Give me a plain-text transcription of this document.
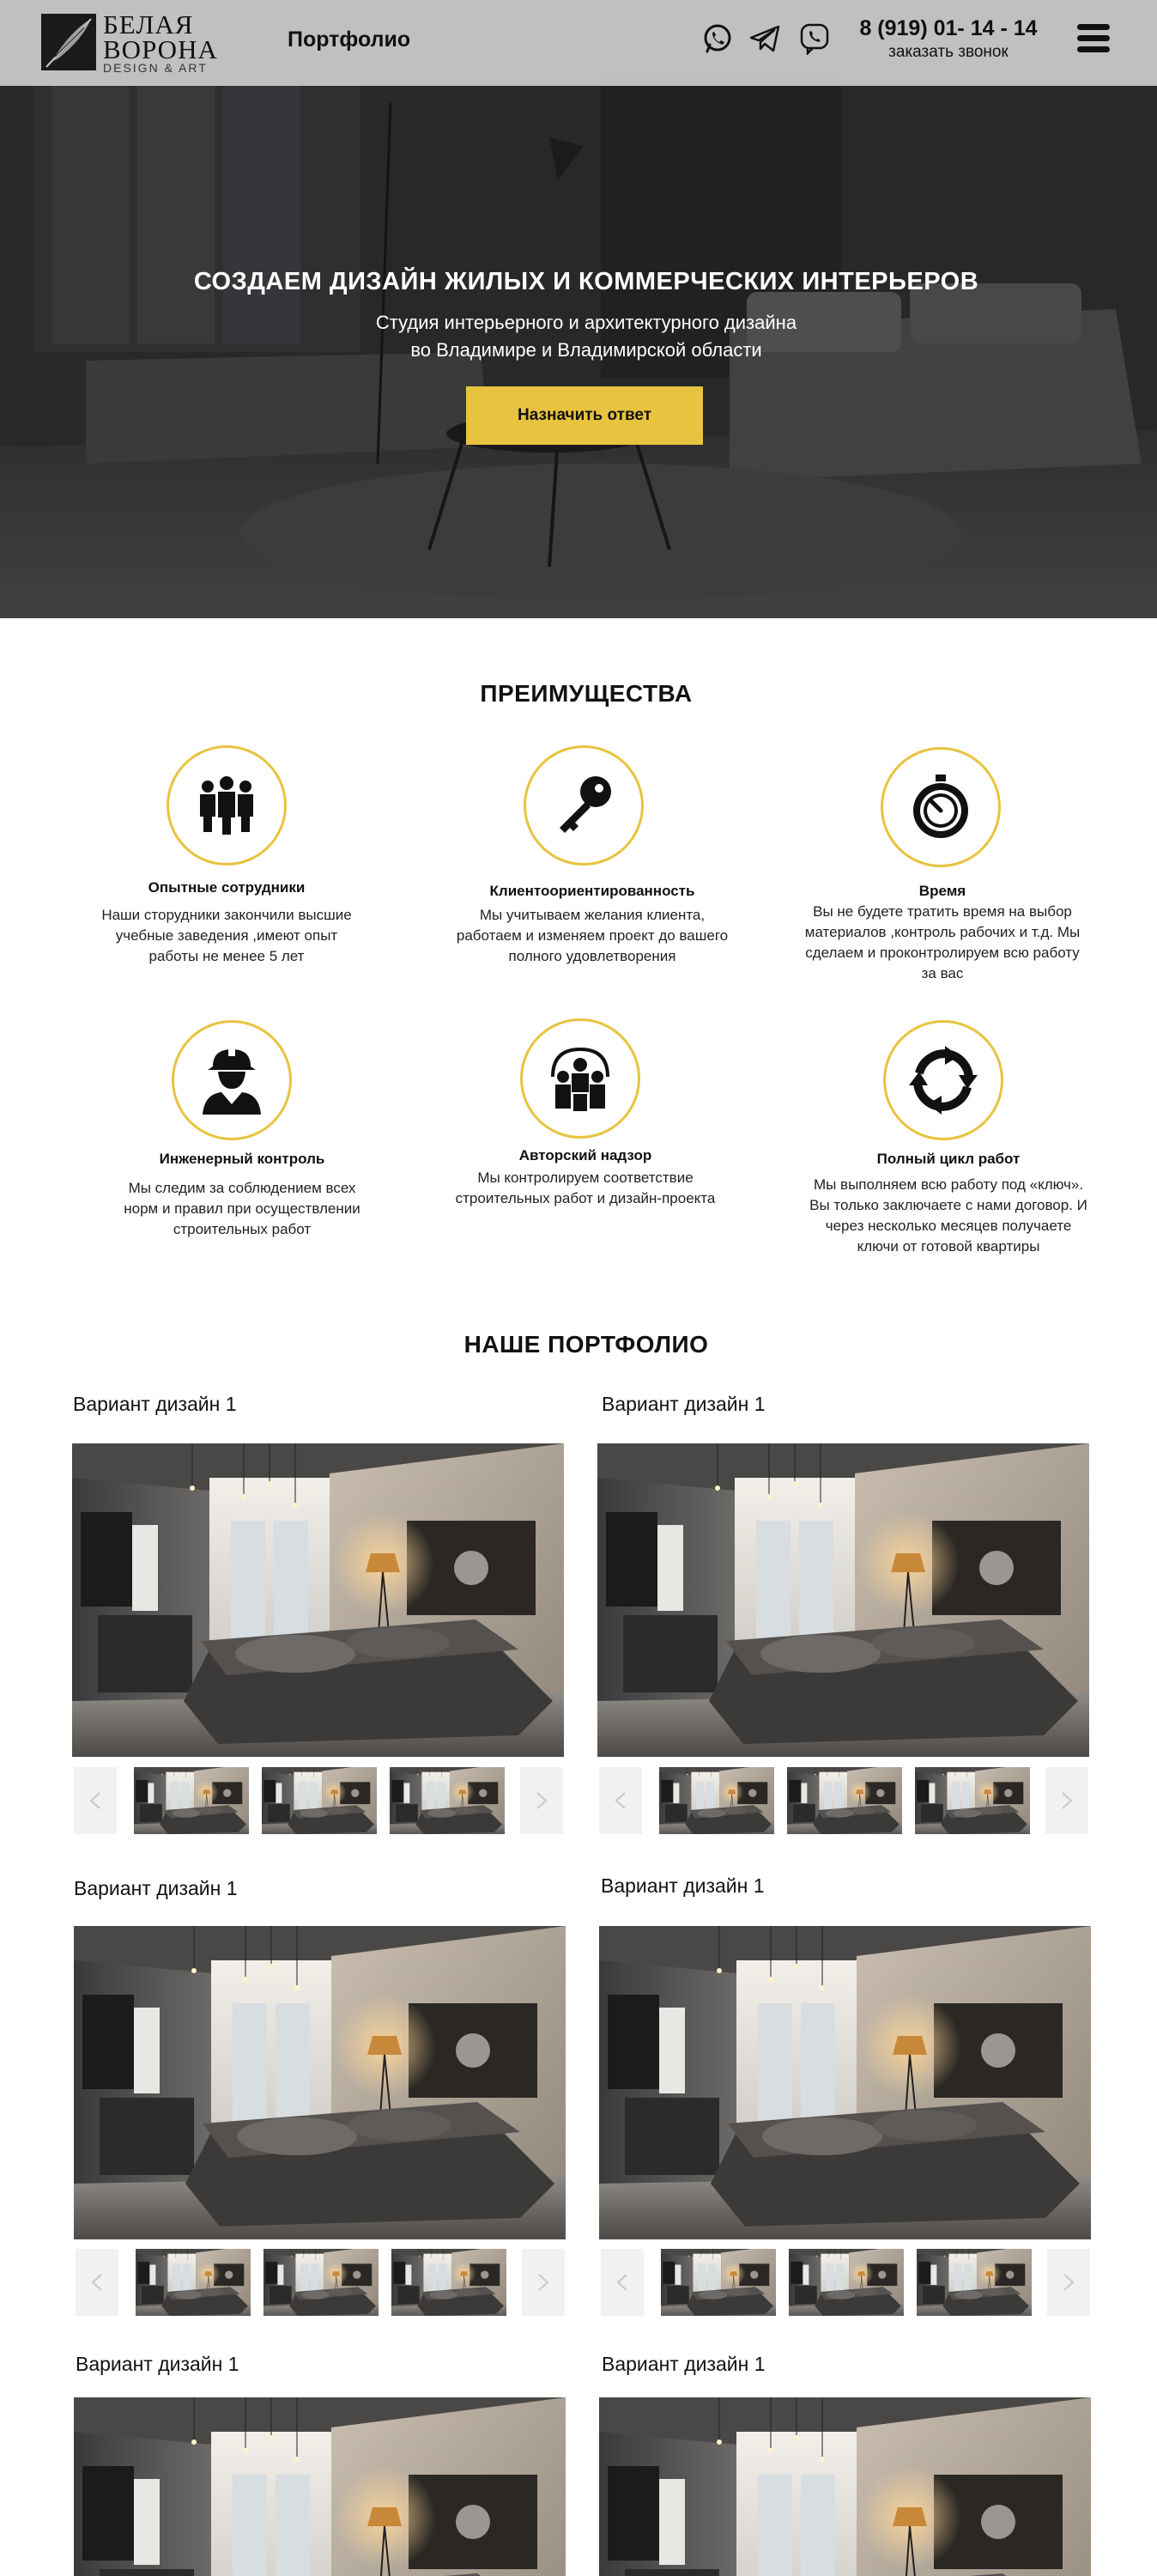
СОЗДАЕМ ДИЗАЙН ЖИЛЫХ И КОММЕРЧЕСКИХ ИНТЕРЬЕРОВ
Студия интерьерного и архитектурного дизайна
во Владимире и Владимирской области
Назначить ответ
БЕЛАЯ
ВОРОНА
DESIGN & ART
Портфолио	8 (919) 01- 14 - 14
заказать звонок
ПРЕИМУЩЕСТВА
Опытные сотрудники
Наши сторудники закончили высшие
учебные заведения ,имеют опыт
работы не менее 5 лет
Клиентоориентированность
Мы учитываем желания клиента,
работаем и изменяем проект до вашего
полного удовлетворения
Время
Вы не будете тратить время на выбор
материалов ,контроль рабочих и т.д. Мы
сделаем и проконтролируем всю работу
за вас
Инженерный контроль
Мы следим за соблюдением всех
норм и правил при осуществлении
строительных работ
Авторский надзор
Мы контролируем соответствие
строительных работ и дизайн-проекта
Полный цикл работ
Мы выполняем всю работу под «ключ».
Вы только заключаете с нами договор. И
через несколько месяцев получаете
ключи от готовой квартиры
НАШЕ ПОРТФОЛИО
Вариант дизайн 1	Вариант дизайн 1
Вариант дизайн 1	Вариант дизайн 1
Вариант дизайн 1	Вариант дизайн 1
